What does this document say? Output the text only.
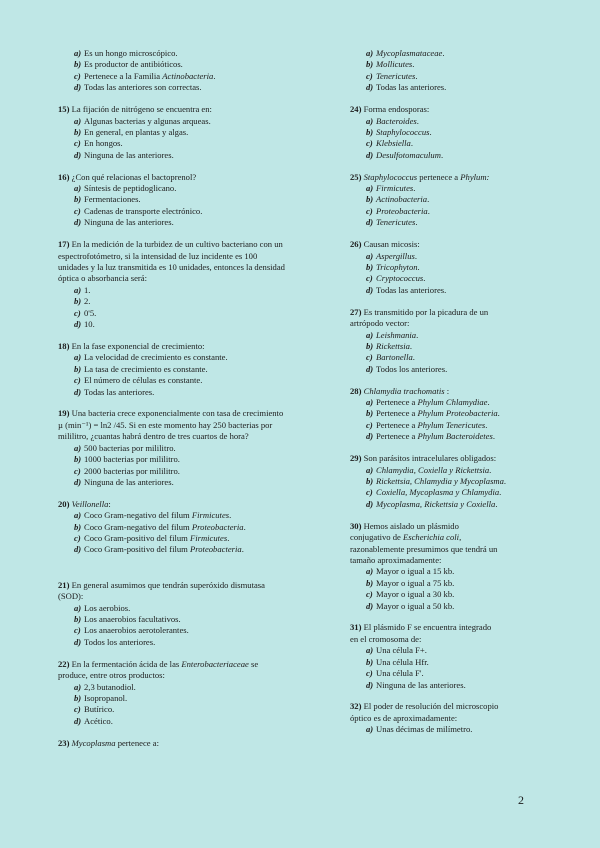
a) Es un hongo microscópico.
b) Es productor de antibióticos.
c) Pertenece a la Familia Actinobacteria.
d) Todas las anteriores son correctas.

15) La fijación de nitrógeno se encuentra en:

a) Algunas bacterias y algunas arqueas.
b) En general, en plantas y algas.
c) En hongos.
d) Ninguna de las anteriores.

16) ¿Con qué relacionas el bactoprenol?

a) Síntesis de peptidoglicano.
b) Fermentaciones.
c) Cadenas de transporte electrónico.
d) Ninguna de las anteriores.

17) En la medición de la turbidez de un cultivo bacteriano con un
espectrofotómetro, si la intensidad de luz incidente es 100
unidades y la luz transmitida es 10 unidades, entonces la densidad
óptica o absorbancia será:

a) 1.
b) 2.
c) 0'5.
d) 10.

18) En la fase exponencial de crecimiento:

a) La velocidad de crecimiento es constante.
b) La tasa de crecimiento es constante.
c) El número de células es constante.
d) Todas las anteriores.

19) Una bacteria crece exponencialmente con tasa de crecimiento
µ (min⁻¹) = ln2 /45. Si en este momento hay 250 bacterias por
mililitro, ¿cuantas habrá dentro de tres cuartos de hora?

a) 500 bacterias por mililitro.
b) 1000 bacterias por mililitro.
c) 2000 bacterias por mililitro.
d) Ninguna de las anteriores.

20) Veillonella:

a) Coco Gram-negativo del filum Firmicutes.
b) Coco Gram-negativo del filum Proteobacteria.
c) Coco Gram-positivo del filum Firmicutes.
d) Coco Gram-positivo del filum Proteobacteria.

21) En general asumimos que tendrán superóxido dismutasa
(SOD):

a) Los aerobios.
b) Los anaerobios facultativos.
c) Los anaerobios aerotolerantes.
d) Todos los anteriores.

22) En la fermentación ácida de las Enterobacteriaceae se
produce, entre otros productos:

a) 2,3 butanodiol.
b) Isopropanol.
c) Butírico.
d) Acético.

23) Mycoplasma pertenece a:

a) Mycoplasmataceae.
b) Mollicutes.
c) Tenericutes.
d) Todas las anteriores.

24) Forma endosporas:

a) Bacteroides.
b) Staphylococcus.
c) Klebsiella.
d) Desulfotomaculum.

25) Staphylococcus pertenece a Phylum:

a) Firmicutes.
b) Actinobacteria.
c) Proteobacteria.
d) Tenericutes.

26) Causan micosis:

a) Aspergillus.
b) Tricophyton.
c) Cryptococcus.
d) Todas las anteriores.

27) Es transmitido por la picadura de un
artrópodo vector:

a) Leishmania.
b) Rickettsia.
c) Bartonella.
d) Todos los anteriores.

28) Chlamydia trachomatis :

a) Pertenece a Phylum Chlamydiae.
b) Pertenece a Phylum Proteobacteria.
c) Pertenece a Phylum Tenericutes.
d) Pertenece a Phylum Bacteroidetes.

29) Son parásitos intracelulares obligados:

a) Chlamydia, Coxiella y Rickettsia.
b) Rickettsia, Chlamydia y Mycoplasma.
c) Coxiella, Mycoplasma y Chlamydia.
d) Mycoplasma, Rickettsia y Coxiella.

30) Hemos aislado un plásmido
conjugativo de Escherichia coli,
razonablemente presumimos que tendrá un
tamaño aproximadamente:

a) Mayor o igual a 15 kb.
b) Mayor o igual a 75 kb.
c) Mayor o igual a 30 kb.
d) Mayor o igual a 50 kb.

31) El plásmido F se encuentra integrado
en el cromosoma de:

a) Una célula F+.
b) Una célula Hfr.
c) Una célula F'.
d) Ninguna de las anteriores.

32) El poder de resolución del microscopio
óptico es de aproximadamente:

a) Unas décimas de milímetro.
2
